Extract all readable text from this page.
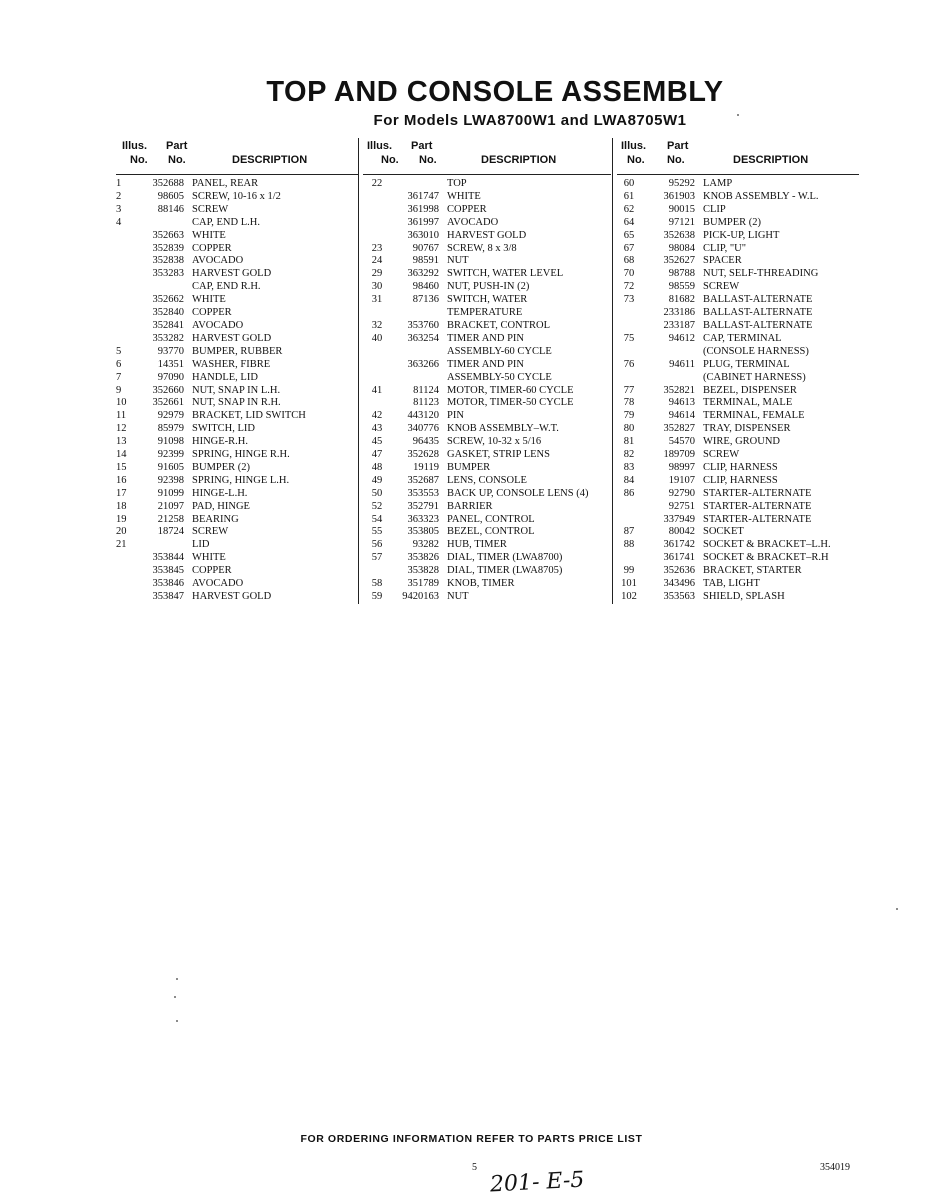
TOP AND CONSOLE ASSEMBLY
For Models LWA8700W1 and LWA8705W1
Illus. Part
No. No.	DESCRIPTION
1	352688 PANEL, REAR
2	98605 SCREW, 10-16 x 1/2
3	88146 SCREW
4	CAP, END L.H.
352663 WHITE
352839 COPPER
352838 AVOCADO
353283 HARVEST GOLD
CAP, END R.H.
352662 WHITE
352840 COPPER
352841 AVOCADO
353282 HARVEST GOLD
5	93770 BUMPER, RUBBER
6	14351 WASHER, FIBRE
7	97090 HANDLE, LID
9	352660 NUT, SNAP IN L.H.
10	352661 NUT, SNAP IN R.H.
11	92979 BRACKET, LID SWITCH
12	85979 SWITCH, LID
13	91098 HINGE-R.H.
14	92399 SPRING, HINGE R.H.
15	91605 BUMPER (2)
16	92398 SPRING, HINGE L.H.
17	91099 HINGE-L.H.
18	21097 PAD, HINGE
19	21258 BEARING
20	18724 SCREW
21	LID
353844 WHITE
353845 COPPER
353846 AVOCADO
353847 HARVEST GOLD
Illus. Part
No. No.	DESCRIPTION
22	TOP
361747 WHITE
361998 COPPER
361997 AVOCADO
363010 HARVEST GOLD
23	90767 SCREW, 8 x 3/8
24	98591 NUT
29	363292 SWITCH, WATER LEVEL
30	98460 NUT, PUSH-IN (2)
31	87136 SWITCH, WATER
TEMPERATURE
32	353760 BRACKET, CONTROL
40	363254 TIMER AND PIN
ASSEMBLY-60 CYCLE
363266 TIMER AND PIN
ASSEMBLY-50 CYCLE
41	81124 MOTOR, TIMER-60 CYCLE
81123 MOTOR, TIMER-50 CYCLE
42	443120 PIN
43	340776 KNOB ASSEMBLY–W.T.
45	96435 SCREW, 10-32 x 5/16
47	352628 GASKET, STRIP LENS
48	19119 BUMPER
49	352687 LENS, CONSOLE
50	353553 BACK UP, CONSOLE LENS (4)
52	352791 BARRIER
54	363323 PANEL, CONTROL
55	353805 BEZEL, CONTROL
56	93282 HUB, TIMER
57	353826 DIAL, TIMER (LWA8700)
353828 DIAL, TIMER (LWA8705)
58	351789 KNOB, TIMER
59	9420163 NUT
Illus. Part
No. No.	DESCRIPTION
60	95292 LAMP
61	361903 KNOB ASSEMBLY - W.L.
62	90015 CLIP
64	97121 BUMPER (2)
65	352638 PICK-UP, LIGHT
67	98084 CLIP, "U"
68	352627 SPACER
70	98788 NUT, SELF-THREADING
72	98559 SCREW
73	81682 BALLAST-ALTERNATE
233186 BALLAST-ALTERNATE
233187 BALLAST-ALTERNATE
75	94612 CAP, TERMINAL
(CONSOLE HARNESS)
76	94611 PLUG, TERMINAL
(CABINET HARNESS)
77	352821 BEZEL, DISPENSER
78	94613 TERMINAL, MALE
79	94614 TERMINAL, FEMALE
80	352827 TRAY, DISPENSER
81	54570 WIRE, GROUND
82	189709 SCREW
83	98997 CLIP, HARNESS
84	19107 CLIP, HARNESS
86	92790 STARTER-ALTERNATE
92751 STARTER-ALTERNATE
337949 STARTER-ALTERNATE
87	80042 SOCKET
88	361742 SOCKET & BRACKET–L.H.
361741 SOCKET & BRACKET–R.H
99	352636 BRACKET, STARTER
101	343496 TAB, LIGHT
102	353563 SHIELD, SPLASH
FOR ORDERING INFORMATION REFER TO PARTS PRICE LIST
5
201- E-5
354019
